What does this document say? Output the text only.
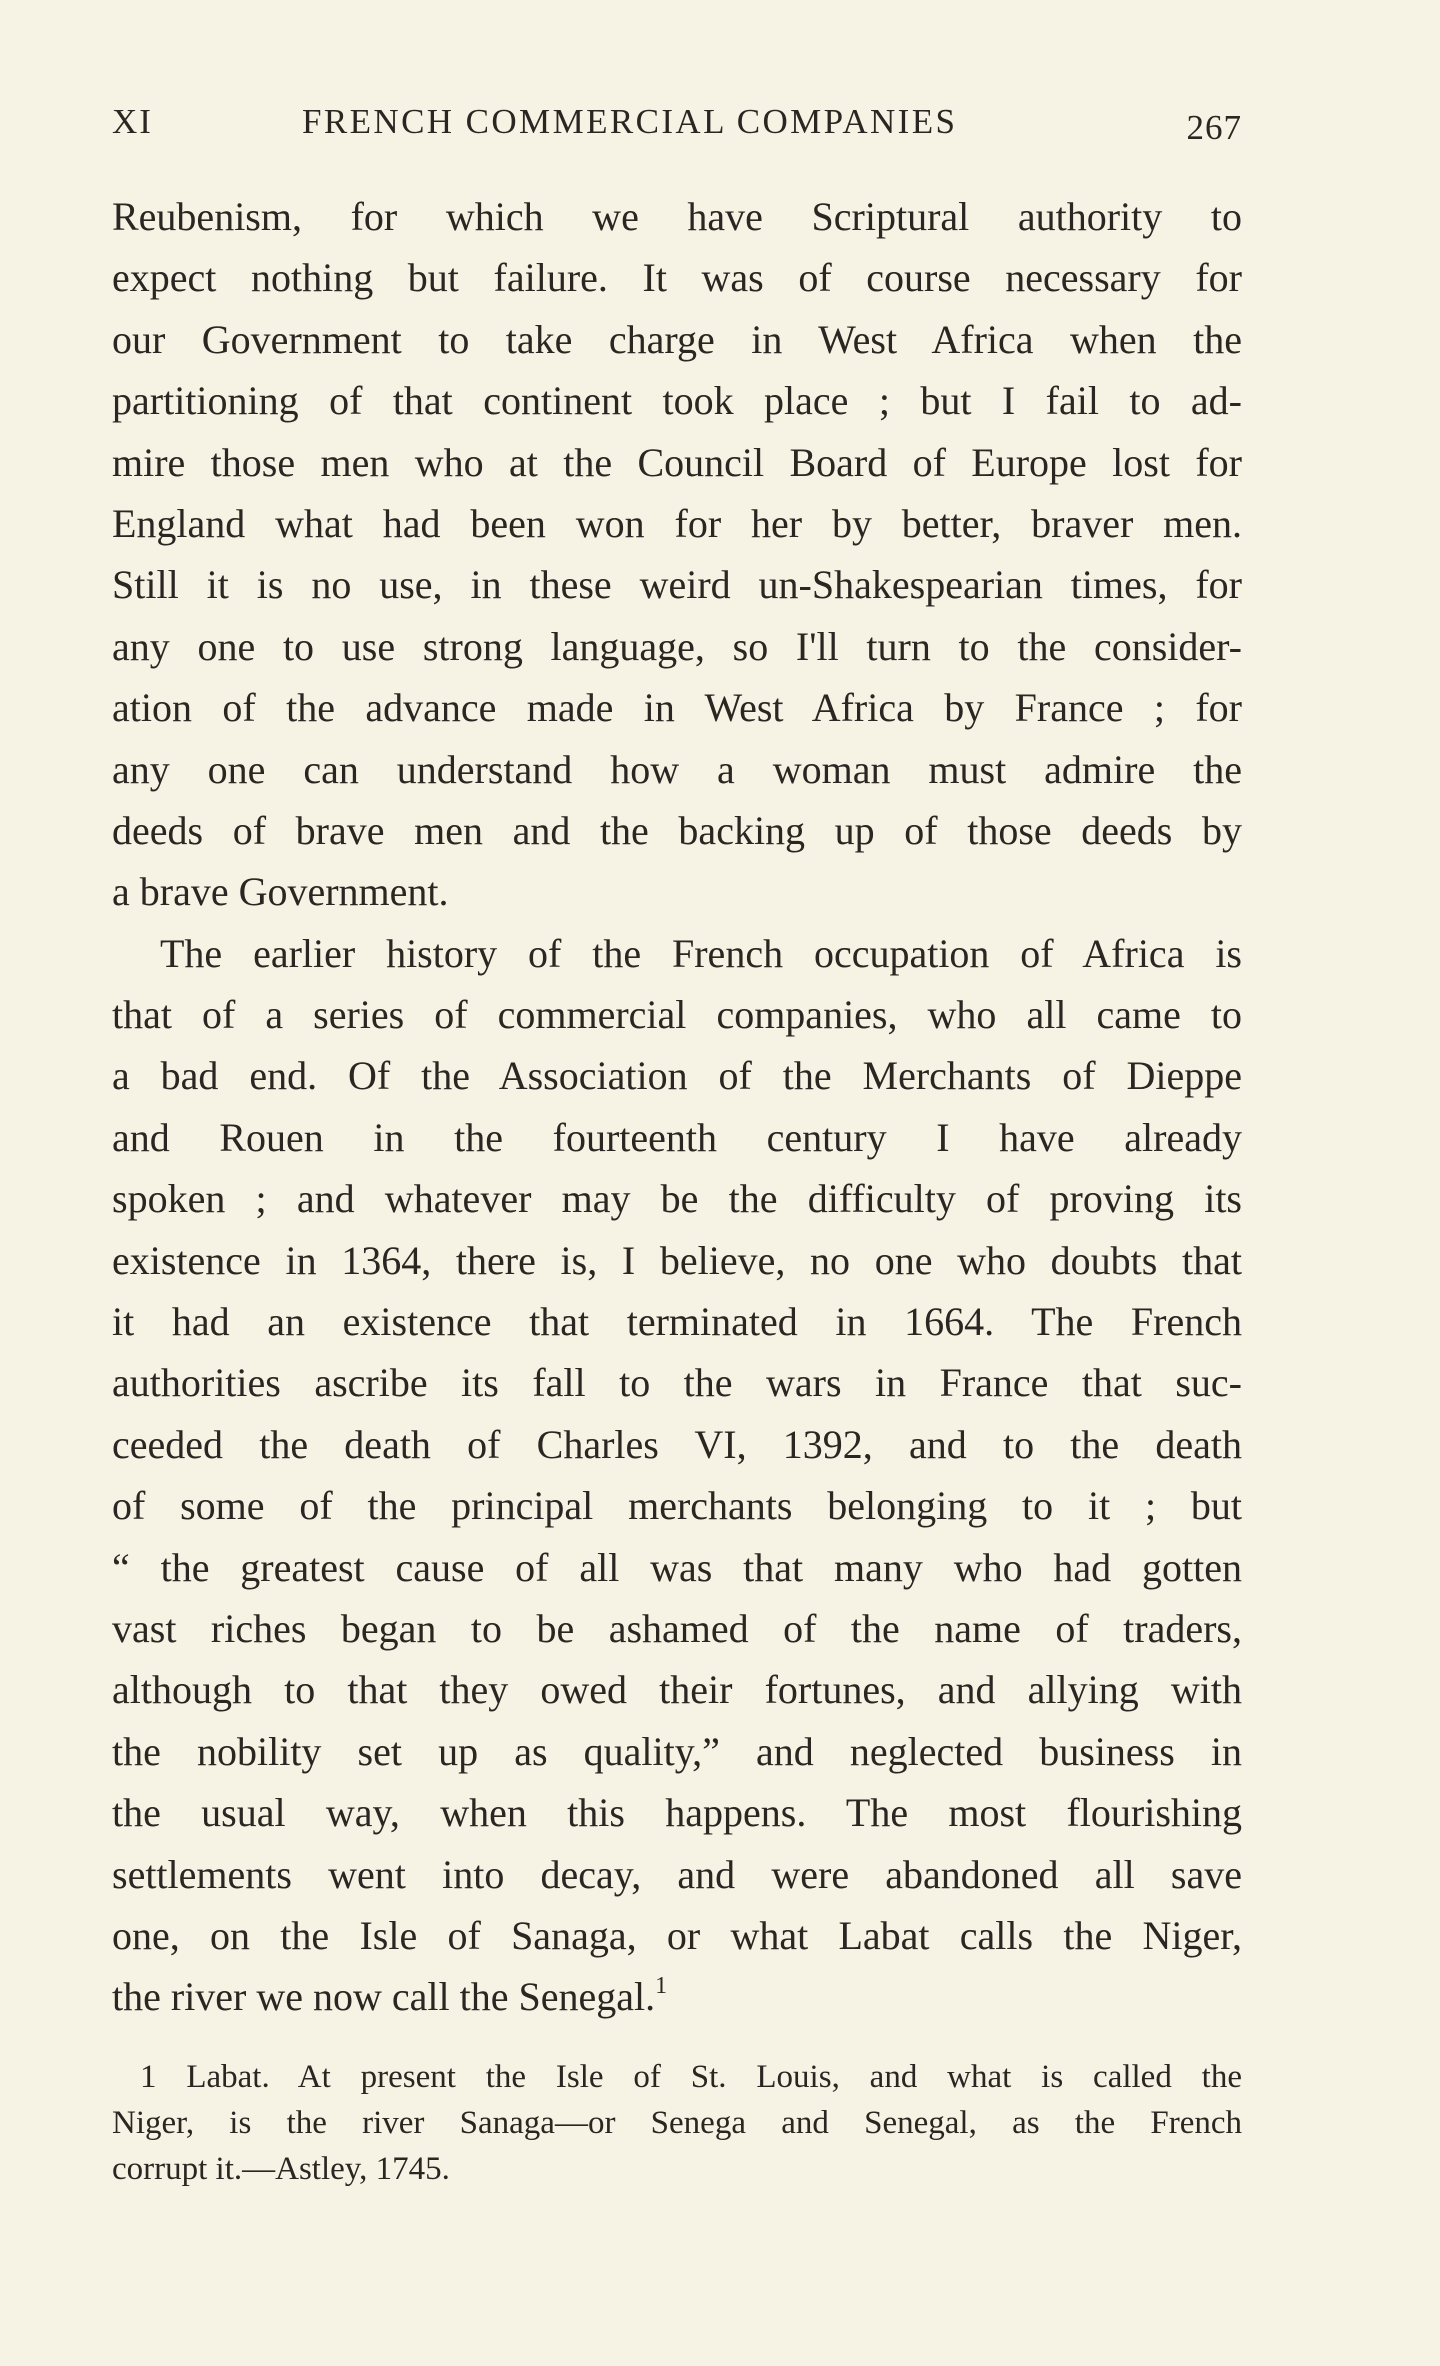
XI	FRENCH COMMERCIAL COMPANIES	267
Reubenism, for which we have Scriptural authority to
expect nothing but failure. It was of course necessary for
our Government to take charge in West Africa when the
partitioning of that continent took place ; but I fail to ad-
mire those men who at the Council Board of Europe lost for
England what had been won for her by better, braver men.
Still it is no use, in these weird un-Shakespearian times, for
any one to use strong language, so I'll turn to the consider-
ation of the advance made in West Africa by France ; for
any one can understand how a woman must admire the
deeds of brave men and the backing up of those deeds by
a brave Government.
The earlier history of the French occupation of Africa is
that of a series of commercial companies, who all came to
a bad end. Of the Association of the Merchants of Dieppe
and Rouen in the fourteenth century I have already
spoken ; and whatever may be the difficulty of proving its
existence in 1364, there is, I believe, no one who doubts that
it had an existence that terminated in 1664. The French
authorities ascribe its fall to the wars in France that suc-
ceeded the death of Charles VI, 1392, and to the death
of some of the principal merchants belonging to it ; but
“ the greatest cause of all was that many who had gotten
vast riches began to be ashamed of the name of traders,
although to that they owed their fortunes, and allying with
the nobility set up as quality,” and neglected business in
the usual way, when this happens. The most flourishing
settlements went into decay, and were abandoned all save
one, on the Isle of Sanaga, or what Labat calls the Niger,
the river we now call the Senegal.$^1$
1 Labat. At present the Isle of St. Louis, and what is called the
Niger, is the river Sanaga—or Senega and Senegal, as the French
corrupt it.—Astley, 1745.
